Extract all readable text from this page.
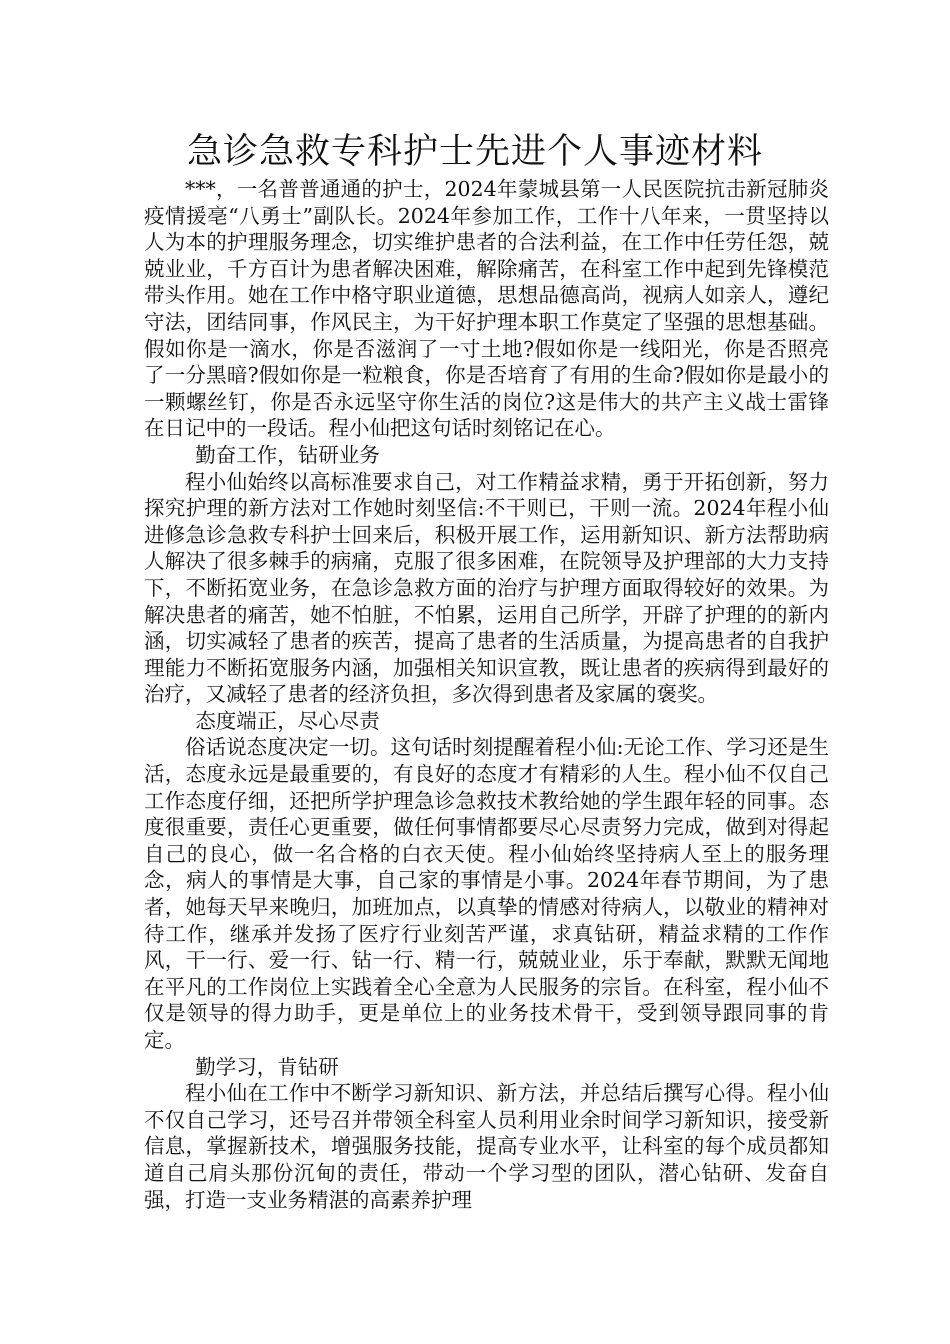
急诊急救专科护士先进个人事迹材料

***，一名普普通通的护士，2024年蒙城县第一人民医院抗击新冠肺炎疫情援亳“八勇士”副队长。2024年参加工作，工作十八年来，一贯坚持以人为本的护理服务理念，切实维护患者的合法利益，在工作中任劳任怨，兢兢业业，千方百计为患者解决困难，解除痛苦，在科室工作中起到先锋模范带头作用。她在工作中格守职业道德，思想品德高尚，视病人如亲人，遵纪守法，团结同事，作风民主，为干好护理本职工作莫定了坚强的思想基础。假如你是一滴水，你是否滋润了一寸土地?假如你是一线阳光，你是否照亮了一分黑暗?假如你是一粒粮食，你是否培育了有用的生命?假如你是最小的一颗螺丝钉，你是否永远坚守你生活的岗位?这是伟大的共产主义战士雷锋在日记中的一段话。程小仙把这句话时刻铭记在心。

勤奋工作，钻研业务

程小仙始终以高标准要求自己，对工作精益求精，勇于开拓创新，努力探究护理的新方法对工作她时刻坚信:不干则已，干则一流。2024年程小仙进修急诊急救专科护士回来后，积极开展工作，运用新知识、新方法帮助病人解决了很多棘手的病痛，克服了很多困难，在院领导及护理部的大力支持下，不断拓宽业务，在急诊急救方面的治疗与护理方面取得较好的效果。为解决患者的痛苦，她不怕脏，不怕累，运用自己所学，开辟了护理的的新内涵，切实减轻了患者的疾苦，提高了患者的生活质量，为提高患者的自我护理能力不断拓宽服务内涵，加强相关知识宣教，既让患者的疾病得到最好的治疗，又减轻了患者的经济负担，多次得到患者及家属的褒奖。

态度端正，尽心尽责

俗话说态度决定一切。这句话时刻提醒着程小仙:无论工作、学习还是生活，态度永远是最重要的，有良好的态度才有精彩的人生。程小仙不仅自己工作态度仔细，还把所学护理急诊急救技术教给她的学生跟年轻的同事。态度很重要，责任心更重要，做任何事情都要尽心尽责努力完成，做到对得起自己的良心，做一名合格的白衣天使。程小仙始终坚持病人至上的服务理念，病人的事情是大事，自己家的事情是小事。2024年春节期间，为了患者，她每天早来晚归，加班加点，以真挚的情感对待病人，以敬业的精神对待工作，继承并发扬了医疗行业刻苦严谨，求真钻研，精益求精的工作作风，干一行、爱一行、钻一行、精一行，兢兢业业，乐于奉献，默默无闻地在平凡的工作岗位上实践着全心全意为人民服务的宗旨。在科室，程小仙不仅是领导的得力助手，更是单位上的业务技术骨干，受到领导跟同事的肯定。

勤学习，肯钻研

程小仙在工作中不断学习新知识、新方法，并总结后撰写心得。程小仙不仅自己学习，还号召并带领全科室人员利用业余时间学习新知识，接受新信息，掌握新技术，增强服务技能，提高专业水平，让科室的每个成员都知道自己肩头那份沉甸的责任，带动一个学习型的团队，潜心钻研、发奋自强，打造一支业务精湛的高素养护理
